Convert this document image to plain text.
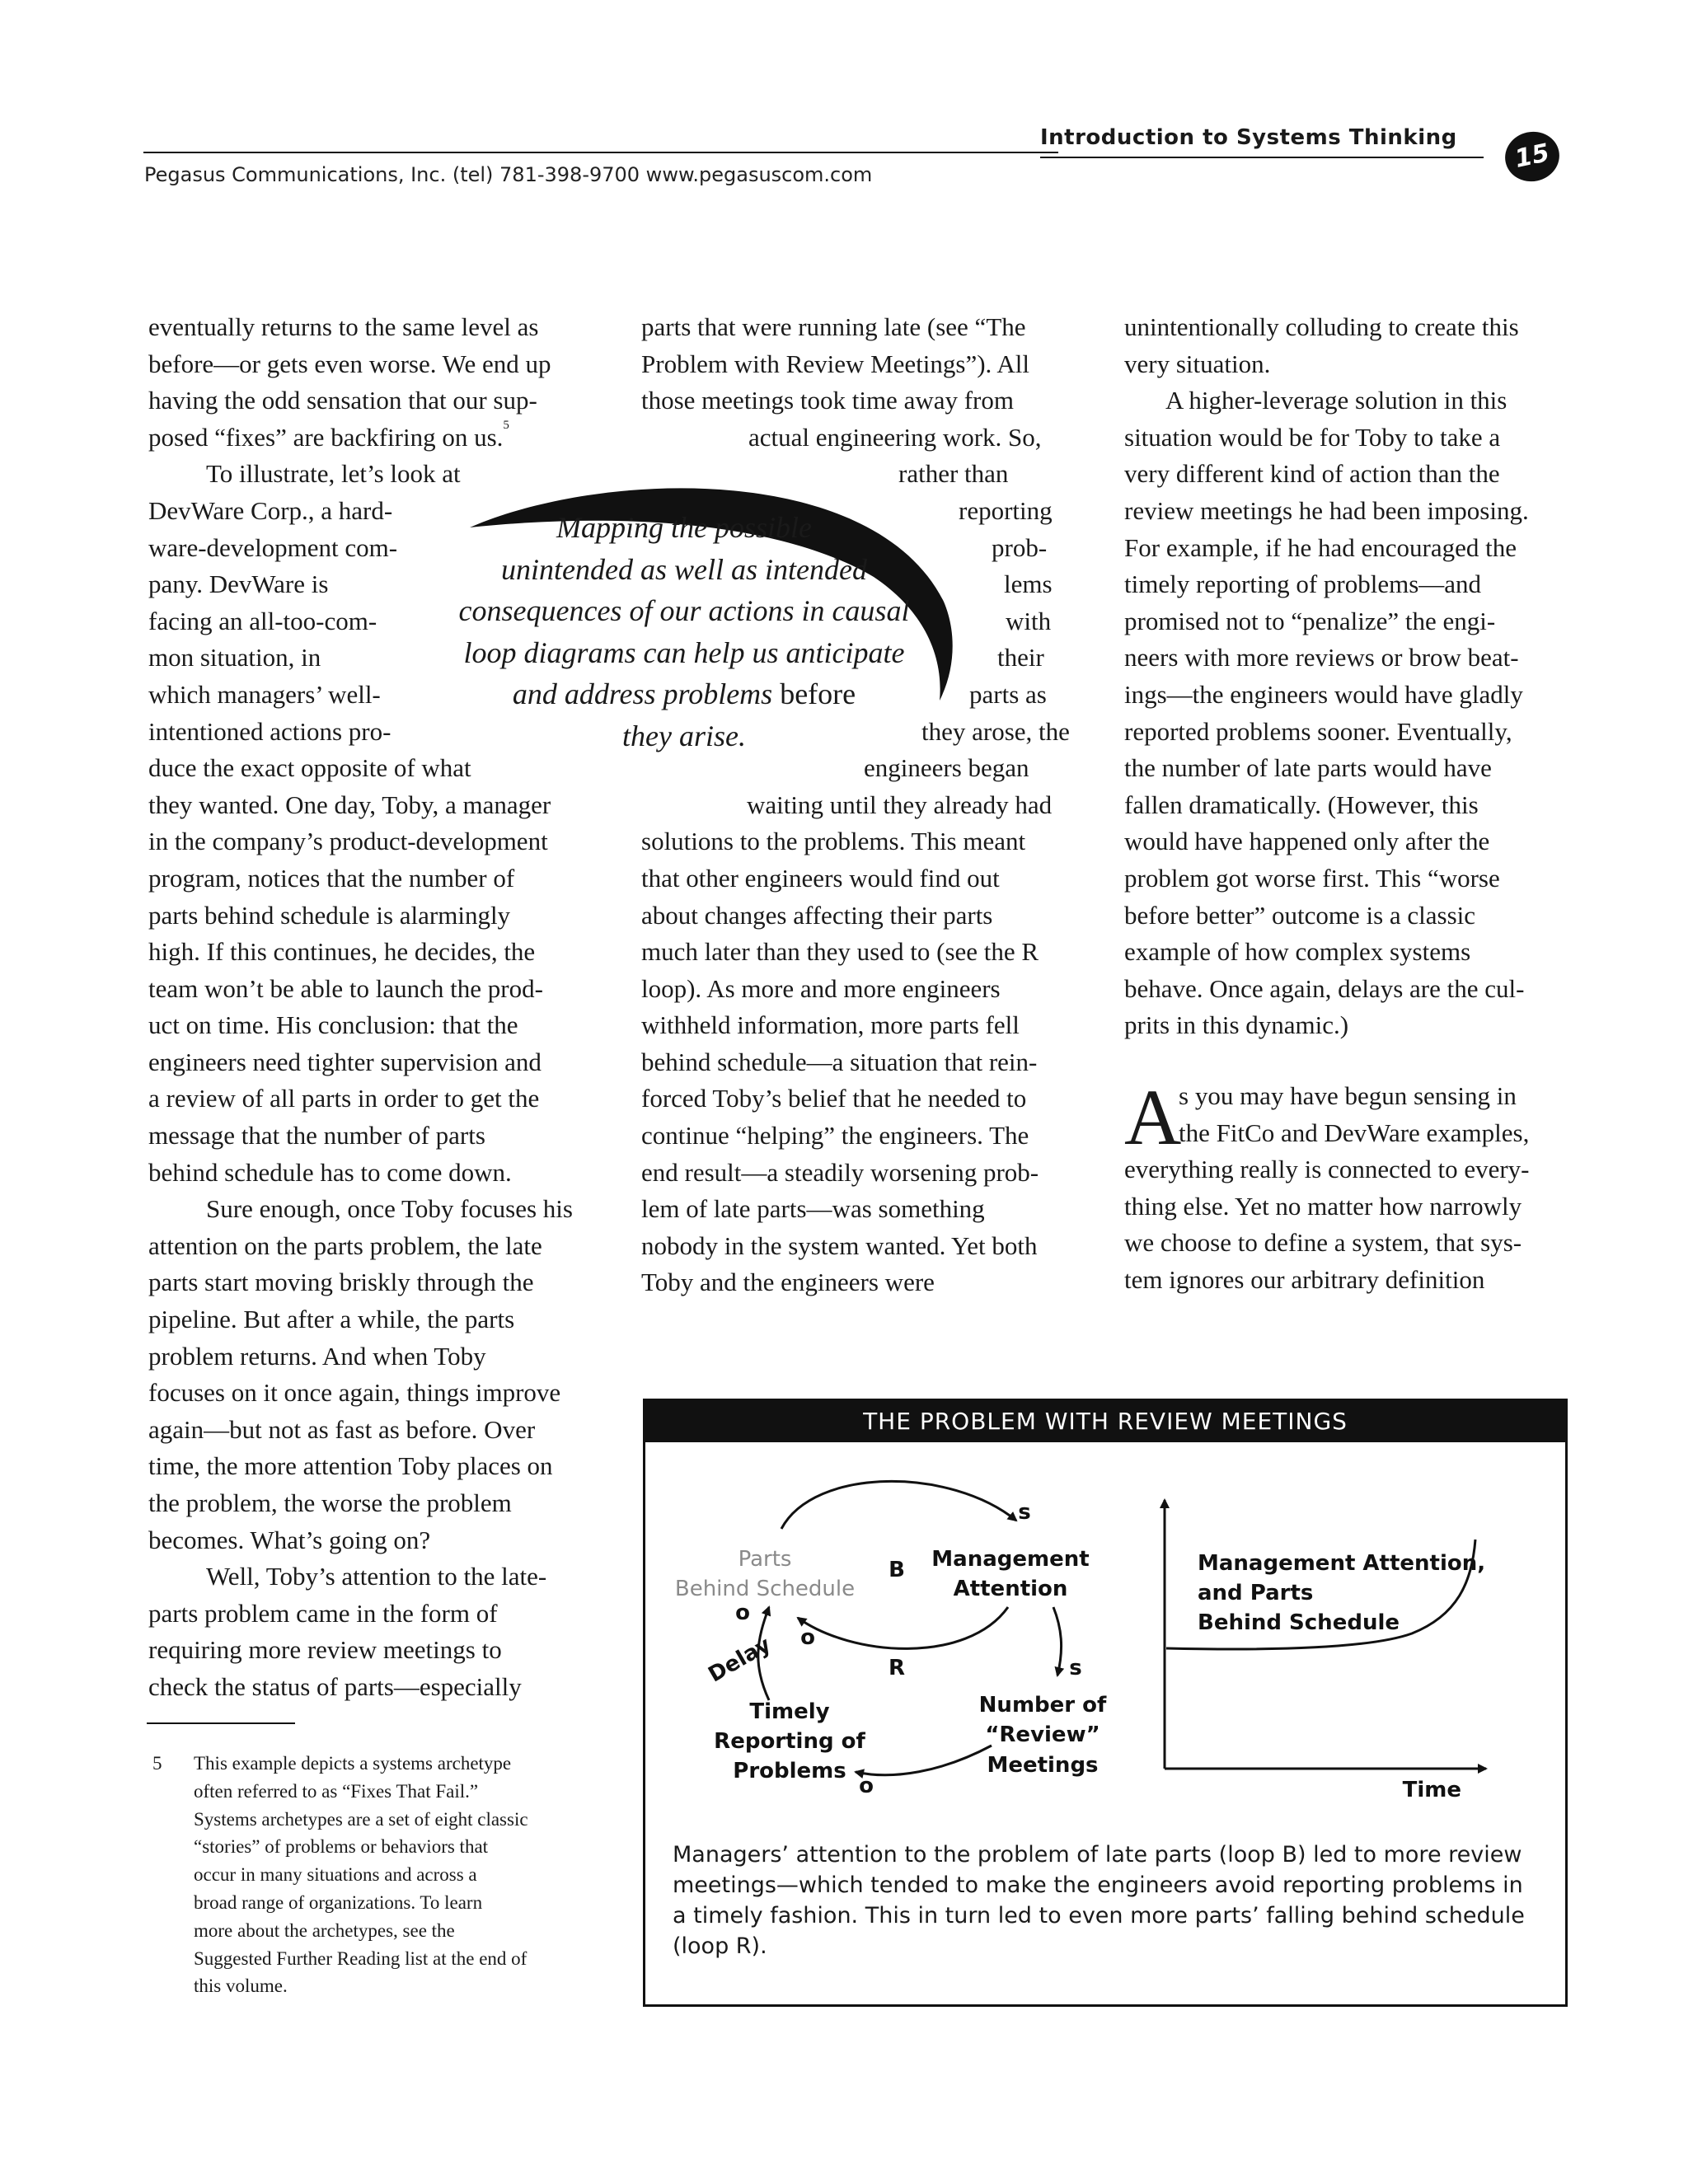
Introduction to Systems Thinking
Pegasus Communications, Inc. (tel) 781-398-9700 www.pegasuscom.com
15
eventually returns to the same level as
before—or gets even worse. We end up
having the odd sensation that our sup-
posed “fixes” are backfiring on us.$^5$
To illustrate, let’s look at
DevWare Corp., a hard-
ware-development com-
pany. DevWare is
facing an all-too-com-
mon situation, in
which managers’ well-
intentioned actions pro-
duce the exact opposite of what
they wanted. One day, Toby, a manager
in the company’s product-development
program, notices that the number of
parts behind schedule is alarmingly
high. If this continues, he decides, the
team won’t be able to launch the prod-
uct on time. His conclusion: that the
engineers need tighter supervision and
a review of all parts in order to get the
message that the number of parts
behind schedule has to come down.
Sure enough, once Toby focuses his
attention on the parts problem, the late
parts start moving briskly through the
pipeline. But after a while, the parts
problem returns. And when Toby
focuses on it once again, things improve
again—but not as fast as before. Over
time, the more attention Toby places on
the problem, the worse the problem
becomes. What’s going on?
Well, Toby’s attention to the late-
parts problem came in the form of
requiring more review meetings to
check the status of parts—especially
parts that were running late (see “The
Problem with Review Meetings”). All
those meetings took time away from
actual engineering work. So,
rather than
reporting
prob-
lems
with
their
parts as
they arose, the
engineers began
waiting until they already had
solutions to the problems. This meant
that other engineers would find out
about changes affecting their parts
much later than they used to (see the R
loop). As more and more engineers
withheld information, more parts fell
behind schedule—a situation that rein-
forced Toby’s belief that he needed to
continue “helping” the engineers. The
end result—a steadily worsening prob-
lem of late parts—was something
nobody in the system wanted. Yet both
Toby and the engineers were
Mapping the possible
unintended as well as intended
consequences of our actions in causal
loop diagrams can help us anticipate
and address problems before
they arise.
unintentionally colluding to create this
very situation.
A higher-leverage solution in this
situation would be for Toby to take a
very different kind of action than the
review meetings he had been imposing.
For example, if he had encouraged the
timely reporting of problems—and
promised not to “penalize” the engi-
neers with more reviews or brow beat-
ings—the engineers would have gladly
reported problems sooner. Eventually,
the number of late parts would have
fallen dramatically. (However, this
would have happened only after the
problem got worse first. This “worse
before better” outcome is a classic
example of how complex systems
behave. Once again, delays are the cul-
prits in this dynamic.)
A
s you may have begun sensing in
the FitCo and DevWare examples,
everything really is connected to every-
thing else. Yet no matter how narrowly
we choose to define a system, that sys-
tem ignores our arbitrary definition
5 This example depicts a systems archetype
often referred to as “Fixes That Fail.”
Systems archetypes are a set of eight classic
“stories” of problems or behaviors that
occur in many situations and across a
broad range of organizations. To learn
more about the archetypes, see the
Suggested Further Reading list at the end of
this volume.
THE PROBLEM WITH REVIEW MEETINGS
Parts
Behind Schedule
Management
Attention
Number of
“Review”
Meetings
Timely
Reporting of
Problems
B
R
s
o
s
o
o
Delay
Management Attention,
and Parts
Behind Schedule
Time
Managers’ attention to the problem of late parts (loop B) led to more review
meetings—which tended to make the engineers avoid reporting problems in
a timely fashion. This in turn led to even more parts’ falling behind schedule
(loop R).
